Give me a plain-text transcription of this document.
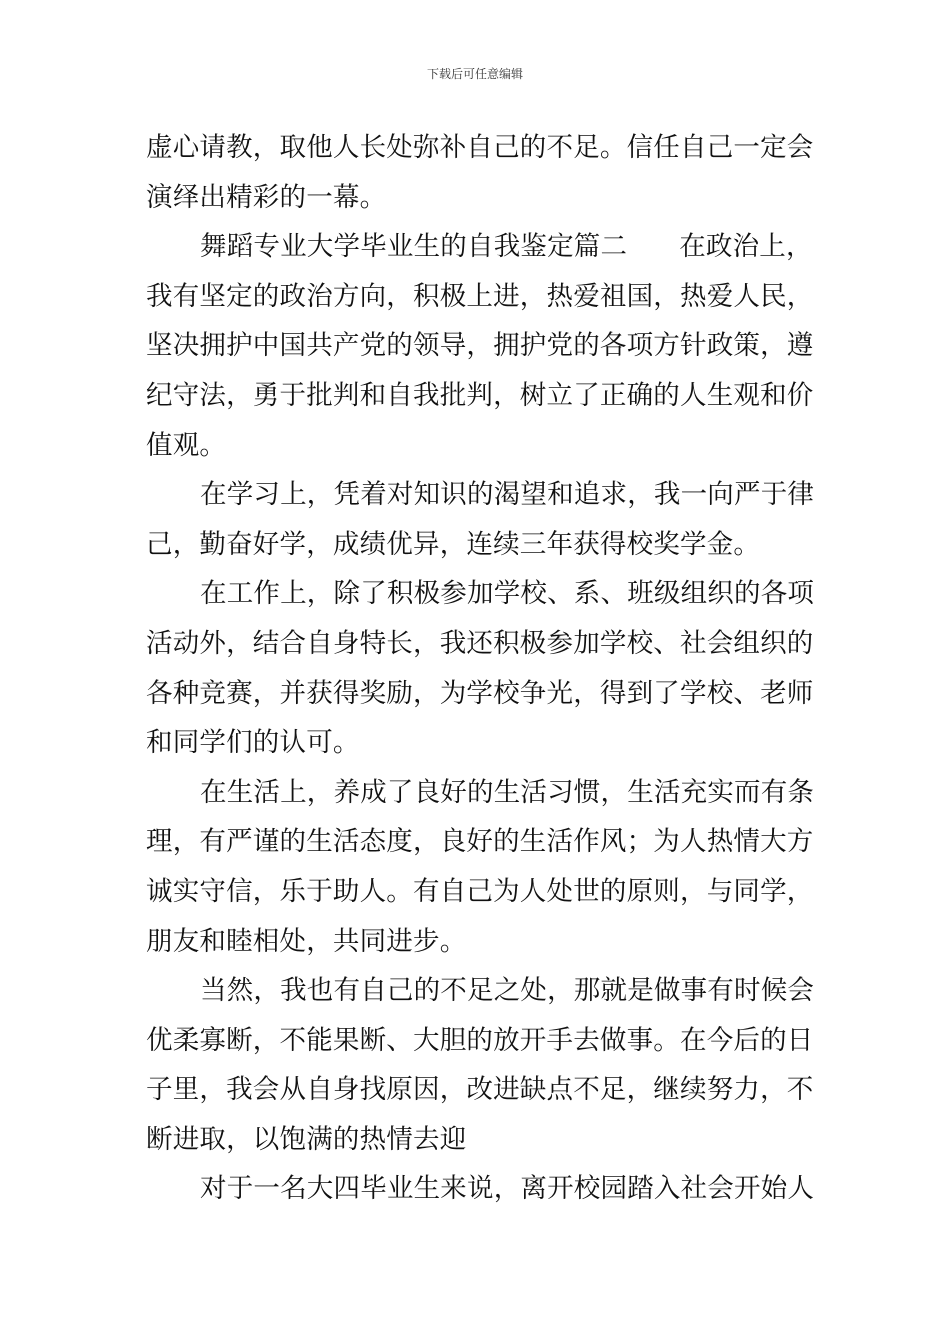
下载后可任意编辑
虚心请教，取他人长处弥补自己的不足。信任自己一定会
演绎出精彩的一幕。
舞蹈专业大学毕业生的自我鉴定篇二 在政治上，
我有坚定的政治方向，积极上进，热爱祖国，热爱人民，
坚决拥护中国共产党的领导，拥护党的各项方针政策，遵
纪守法，勇于批判和自我批判，树立了正确的人生观和价
值观。
在学习上，凭着对知识的渴望和追求，我一向严于律
己，勤奋好学，成绩优异，连续三年获得校奖学金。
在工作上，除了积极参加学校、系、班级组织的各项
活动外，结合自身特长，我还积极参加学校、社会组织的
各种竞赛，并获得奖励，为学校争光，得到了学校、老师
和同学们的认可。
在生活上，养成了良好的生活习惯，生活充实而有条
理，有严谨的生活态度，良好的生活作风；为人热情大方
诚实守信，乐于助人。有自己为人处世的原则，与同学，
朋友和睦相处，共同进步。
当然，我也有自己的不足之处，那就是做事有时候会
优柔寡断，不能果断、大胆的放开手去做事。在今后的日
子里，我会从自身找原因，改进缺点不足，继续努力，不
断进取，以饱满的热情去迎
对于一名大四毕业生来说，离开校园踏入社会开始人
